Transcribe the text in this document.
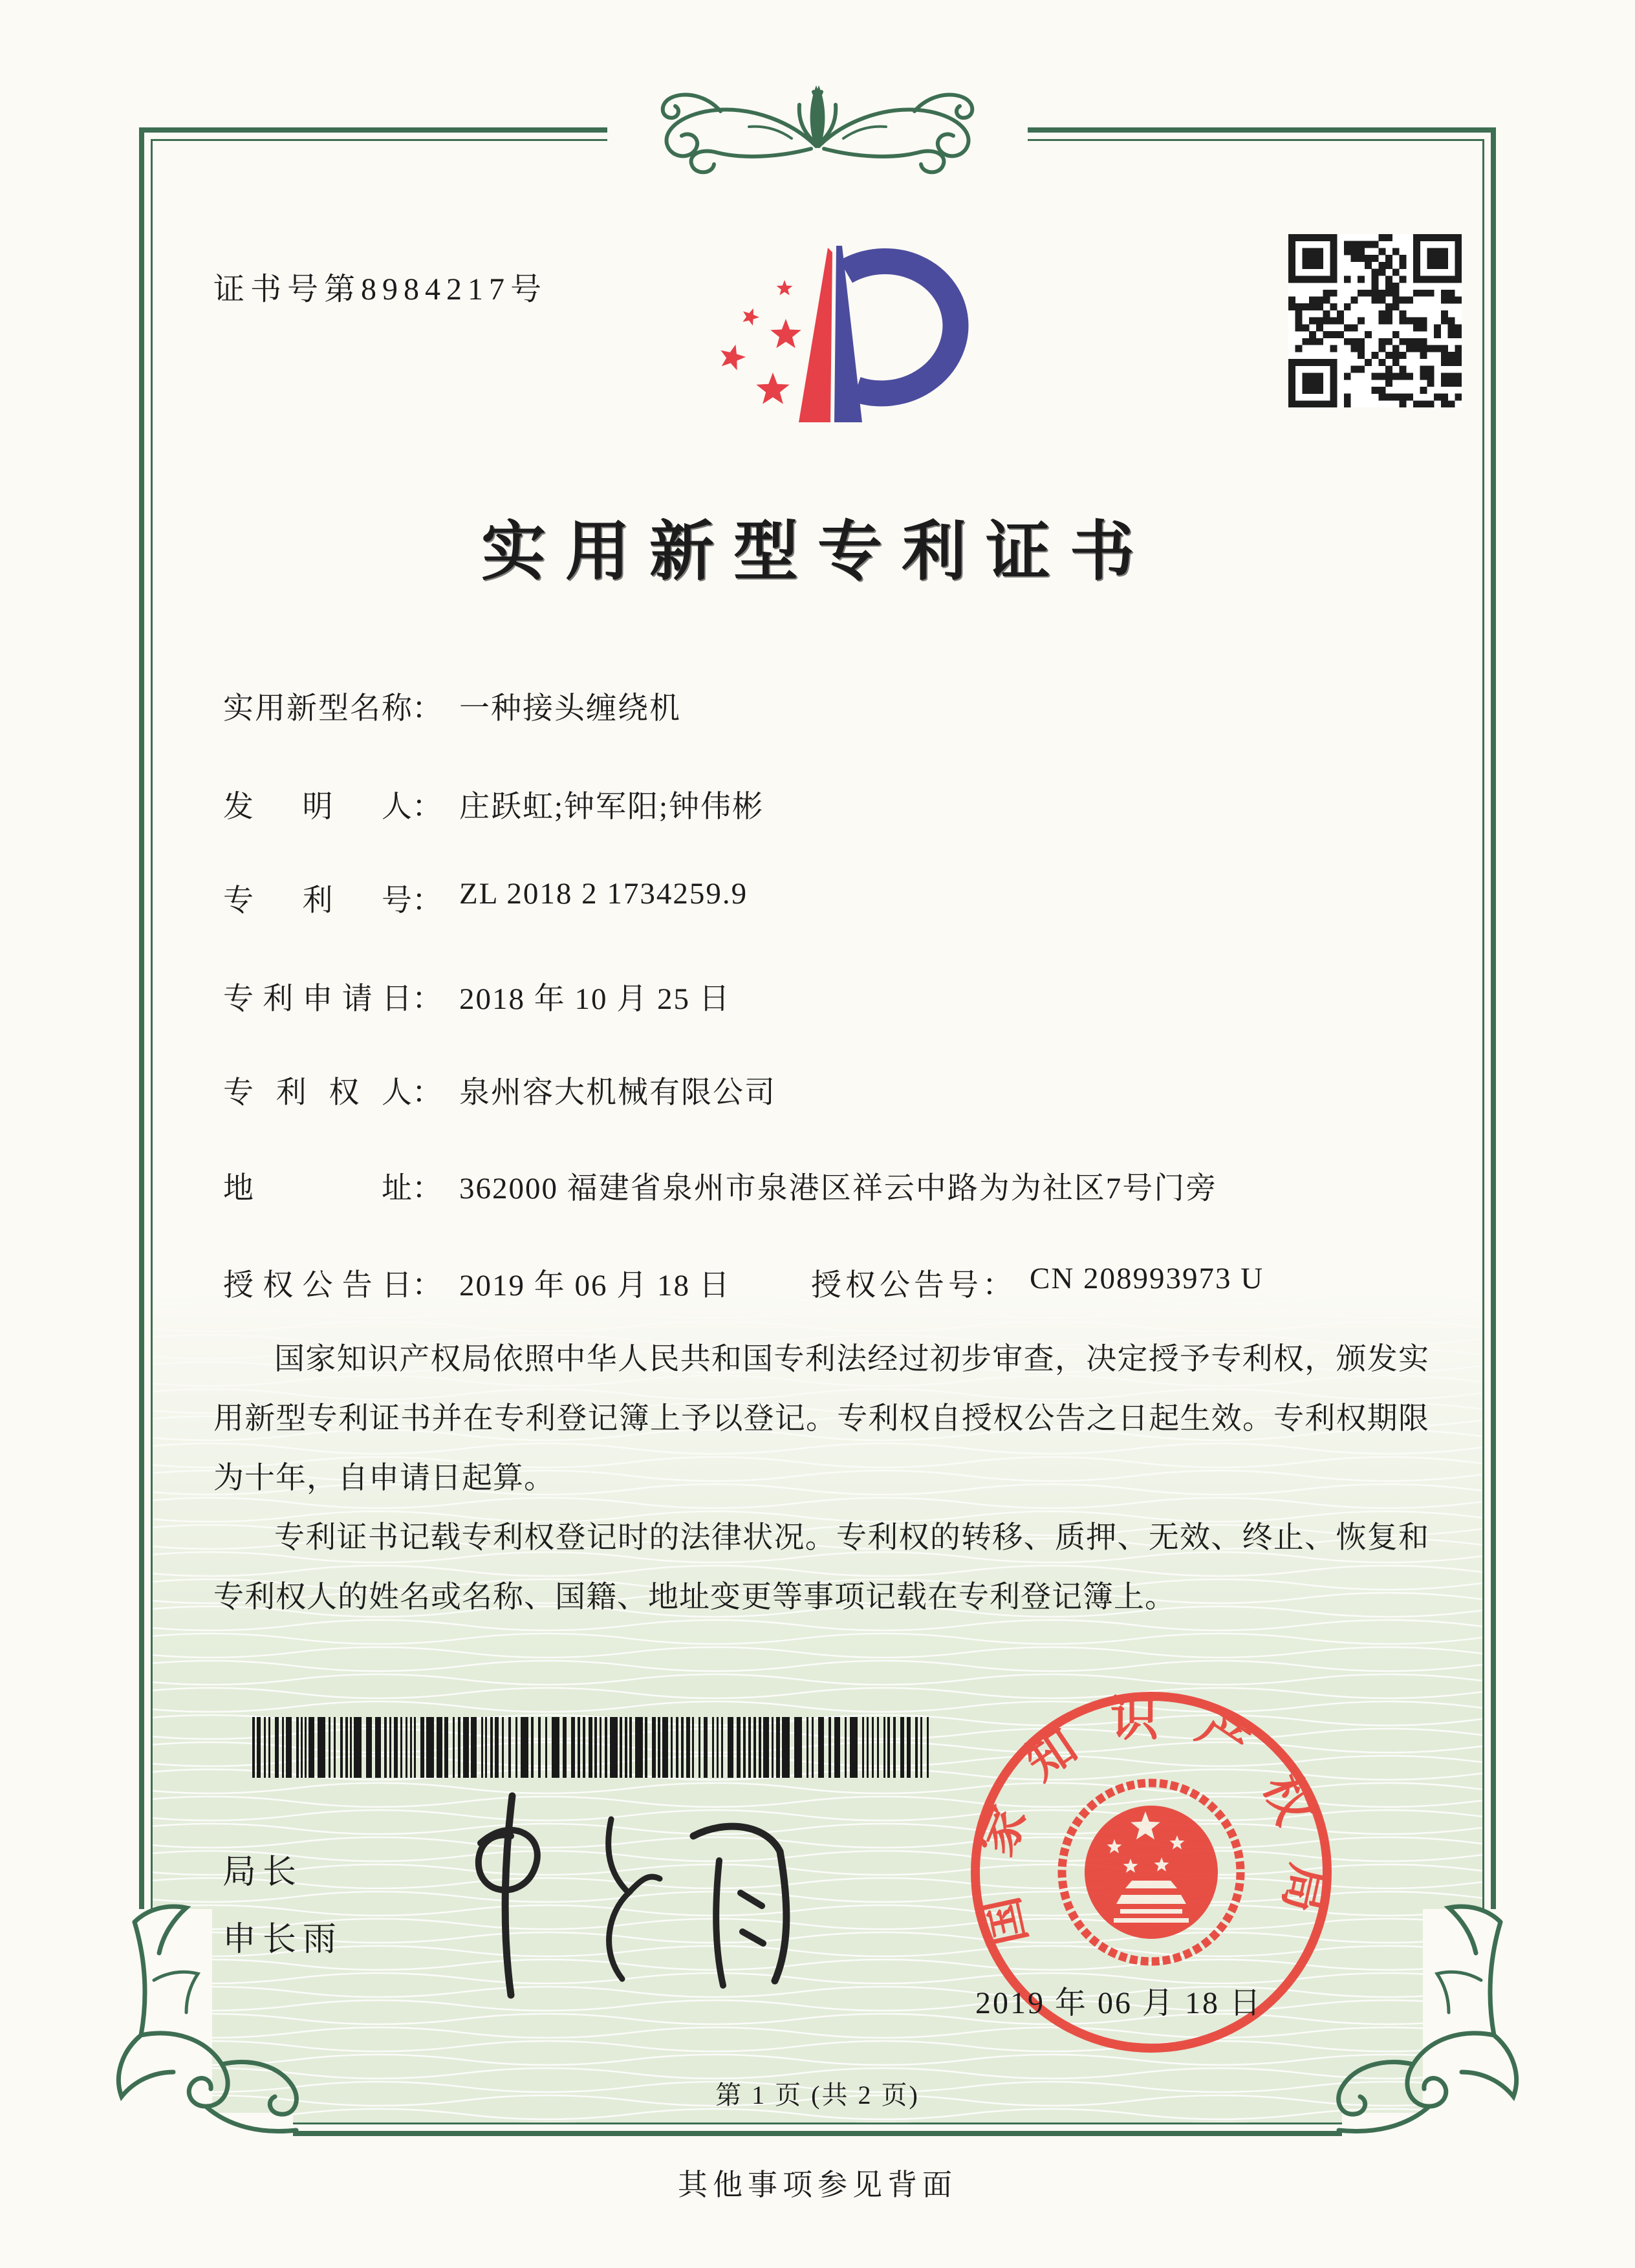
证书号第8984217号
实用新型专利证书
实用新型名称： 一种接头缠绕机
发明人： 庄跃虹;钟军阳;钟伟彬
专利号： ZL 2018 2 1734259.9
专利申请日： 2018 年 10 月 25 日
专利权人： 泉州容大机械有限公司
地址： 362000 福建省泉州市泉港区祥云中路为为社区7号门旁
授权公告日： 2019 年 06 月 18 日	授权公告号： CN 208993973 U

国家知识产权局依照中华人民共和国专利法经过初步审查，决定授予专利权，颁发实用新型专利证书并在专利登记簿上予以登记。专利权自授权公告之日起生效。专利权期限为十年，自申请日起算。

专利证书记载专利权登记时的法律状况。专利权的转移、质押、无效、终止、恢复和专利权人的姓名或名称、国籍、地址变更等事项记载在专利登记簿上。

局长
申长雨	国家知识产权局
2019 年 06 月 18 日
第 1 页 (共 2 页)
其他事项参见背面
